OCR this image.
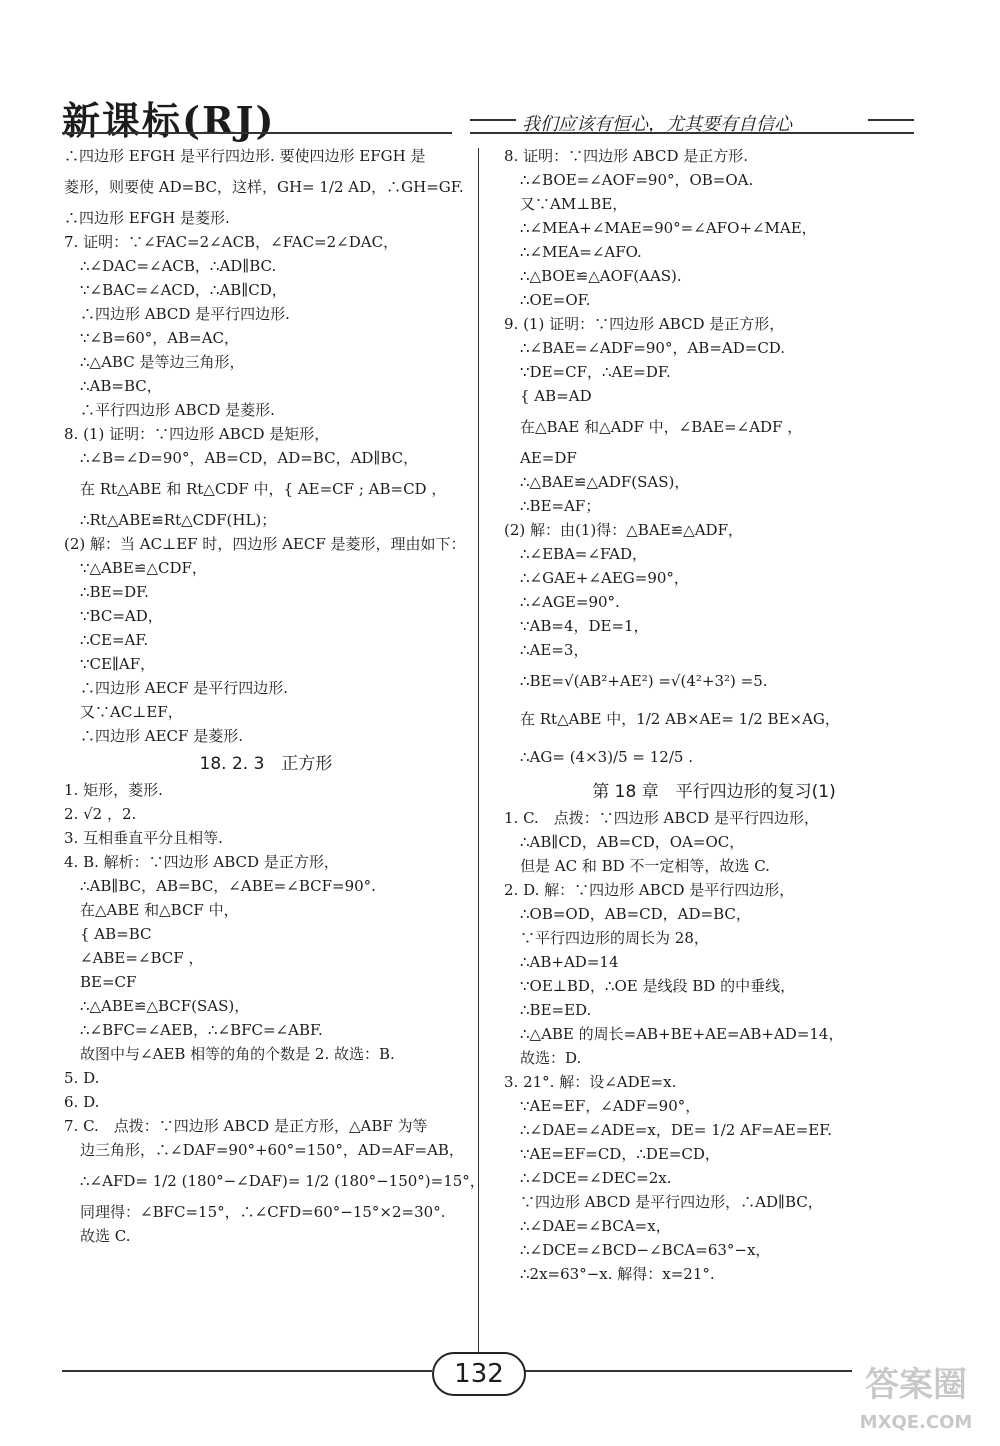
新课标(RJ)	我们应该有恒心，尤其要有自信心
∴四边形 EFGH 是平行四边形. 要使四边形 EFGH 是
菱形，则要使 AD=BC，这样，GH= 1/2 AD，∴GH=GF.
∴四边形 EFGH 是菱形.
7. 证明：∵∠FAC=2∠ACB，∠FAC=2∠DAC，
∴∠DAC=∠ACB，∴AD∥BC.
∵∠BAC=∠ACD，∴AB∥CD，
∴四边形 ABCD 是平行四边形.
∵∠B=60°，AB=AC，
∴△ABC 是等边三角形，
∴AB=BC，
∴平行四边形 ABCD 是菱形.
8. (1) 证明：∵四边形 ABCD 是矩形，
∴∠B=∠D=90°，AB=CD，AD=BC，AD∥BC，
在 Rt△ABE 和 Rt△CDF 中，{ AE=CF ; AB=CD ，
∴Rt△ABE≌Rt△CDF(HL)；
(2) 解：当 AC⊥EF 时，四边形 AECF 是菱形，理由如下：
∵△ABE≌△CDF，
∴BE=DF.
∵BC=AD，
∴CE=AF.
∵CE∥AF，
∴四边形 AECF 是平行四边形.
又∵AC⊥EF，
∴四边形 AECF 是菱形.
18. 2. 3　正方形
1. 矩形，菱形.
2. √2 ，2.
3. 互相垂直平分且相等.
4. B. 解析：∵四边形 ABCD 是正方形，
∴AB∥BC，AB=BC，∠ABE=∠BCF=90°.
在△ABE 和△BCF 中，
{ AB=BC
∠ABE=∠BCF ，
BE=CF
∴△ABE≌△BCF(SAS)，
∴∠BFC=∠AEB，∴∠BFC=∠ABF.
故图中与∠AEB 相等的角的个数是 2. 故选：B.
5. D.
6. D.
7. C.　点拨：∵四边形 ABCD 是正方形，△ABF 为等
边三角形，∴∠DAF=90°+60°=150°，AD=AF=AB，
∴∠AFD= 1/2 (180°−∠DAF)= 1/2 (180°−150°)=15°，
同理得：∠BFC=15°，∴∠CFD=60°−15°×2=30°.
故选 C.
8. 证明：∵四边形 ABCD 是正方形.
∴∠BOE=∠AOF=90°，OB=OA.
又∵AM⊥BE，
∴∠MEA+∠MAE=90°=∠AFO+∠MAE，
∴∠MEA=∠AFO.
∴△BOE≌△AOF(AAS).
∴OE=OF.
9. (1) 证明：∵四边形 ABCD 是正方形，
∴∠BAE=∠ADF=90°，AB=AD=CD.
∵DE=CF，∴AE=DF.
{ AB=AD
在△BAE 和△ADF 中，∠BAE=∠ADF ，
AE=DF
∴△BAE≌△ADF(SAS)，
∴BE=AF；
(2) 解：由(1)得：△BAE≌△ADF，
∴∠EBA=∠FAD，
∴∠GAE+∠AEG=90°，
∴∠AGE=90°.
∵AB=4，DE=1，
∴AE=3，
∴BE=√(AB²+AE²) =√(4²+3²) =5.
在 Rt△ABE 中，1/2 AB×AE= 1/2 BE×AG，
∴AG= (4×3)/5 = 12/5 .
第 18 章　平行四边形的复习(1)
1. C.　点拨：∵四边形 ABCD 是平行四边形，
∴AB∥CD，AB=CD，OA=OC，
但是 AC 和 BD 不一定相等，故选 C.
2. D. 解：∵四边形 ABCD 是平行四边形，
∴OB=OD，AB=CD，AD=BC，
∵平行四边形的周长为 28，
∴AB+AD=14
∵OE⊥BD，∴OE 是线段 BD 的中垂线，
∴BE=ED.
∴△ABE 的周长=AB+BE+AE=AB+AD=14，
故选：D.
3. 21°. 解：设∠ADE=x.
∵AE=EF，∠ADF=90°，
∴∠DAE=∠ADE=x，DE= 1/2 AF=AE=EF.
∵AE=EF=CD，∴DE=CD，
∴∠DCE=∠DEC=2x.
∵四边形 ABCD 是平行四边形，∴AD∥BC，
∴∠DAE=∠BCA=x，
∴∠DCE=∠BCD−∠BCA=63°−x，
∴2x=63°−x. 解得：x=21°.
132	答案圈
MXQE.COM
